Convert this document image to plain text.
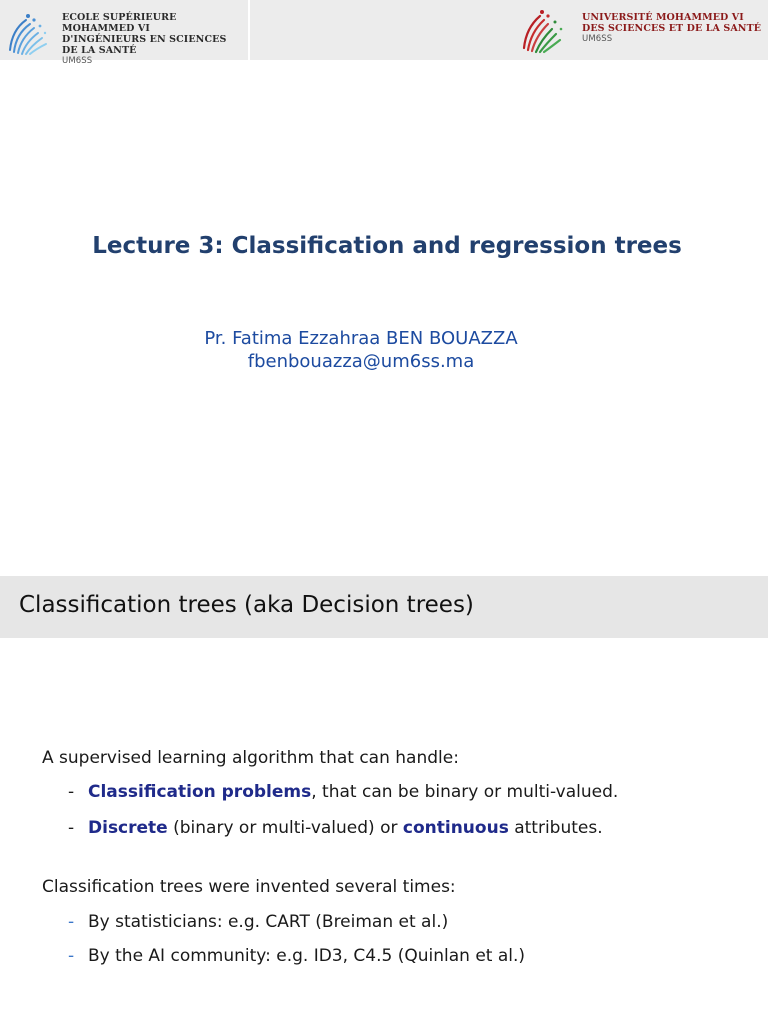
ECOLE SUPÉRIEURE MOHAMMED VI
D'INGÉNIEURS EN SCIENCES
DE LA SANTÉ
UM6SS
UNIVERSITÉ MOHAMMED VI
DES SCIENCES ET DE LA SANTÉ
UM6SS
Lecture 3: Classification and regression trees
Pr. Fatima Ezzahraa BEN BOUAZZA
fbenbouazza@um6ss.ma
Classification trees (aka Decision trees)
A supervised learning algorithm that can handle:
- Classification problems, that can be binary or multi-valued.
- Discrete (binary or multi-valued) or continuous attributes.
Classification trees were invented several times:
- By statisticians: e.g. CART (Breiman et al.)
- By the AI community: e.g. ID3, C4.5 (Quinlan et al.)
